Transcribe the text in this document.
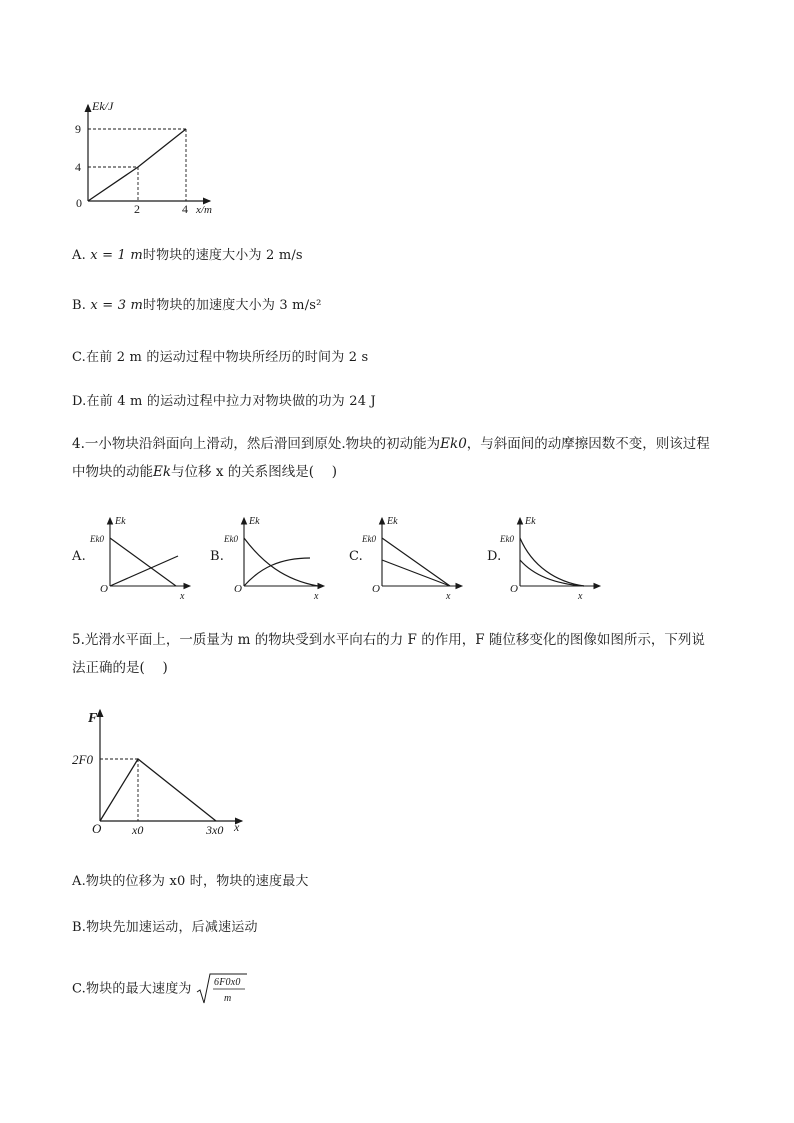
Ek/J
9
4
0	2	4 x/m
A. x = 1 m时物块的速度大小为 2 m/s
B. x = 3 m时物块的加速度大小为 3 m/s²
C.在前 2 m 的运动过程中物块所经历的时间为 2 s
D.在前 4 m 的运动过程中拉力对物块做的功为 24 J
4.一小物块沿斜面向上滑动，然后滑回到原处.物块的初动能为Ek0，与斜面间的动摩擦因数不变，则该过程
中物块的动能Ek与位移 x 的关系图线是(　 )
A.
Ek
Ek0
O
x
B.
Ek
Ek0
O
x
C.
Ek
Ek0
O
x
D.
Ek
Ek0
O
x
5.光滑水平面上，一质量为 m 的物块受到水平向右的力 F 的作用，F 随位移变化的图像如图所示，下列说
法正确的是(　 )
F
2F0
O	x0	3x0 x
A.物块的位移为 x0 时，物块的速度最大
B.物块先加速运动，后减速运动
C.物块的最大速度为 6F0x0
m
